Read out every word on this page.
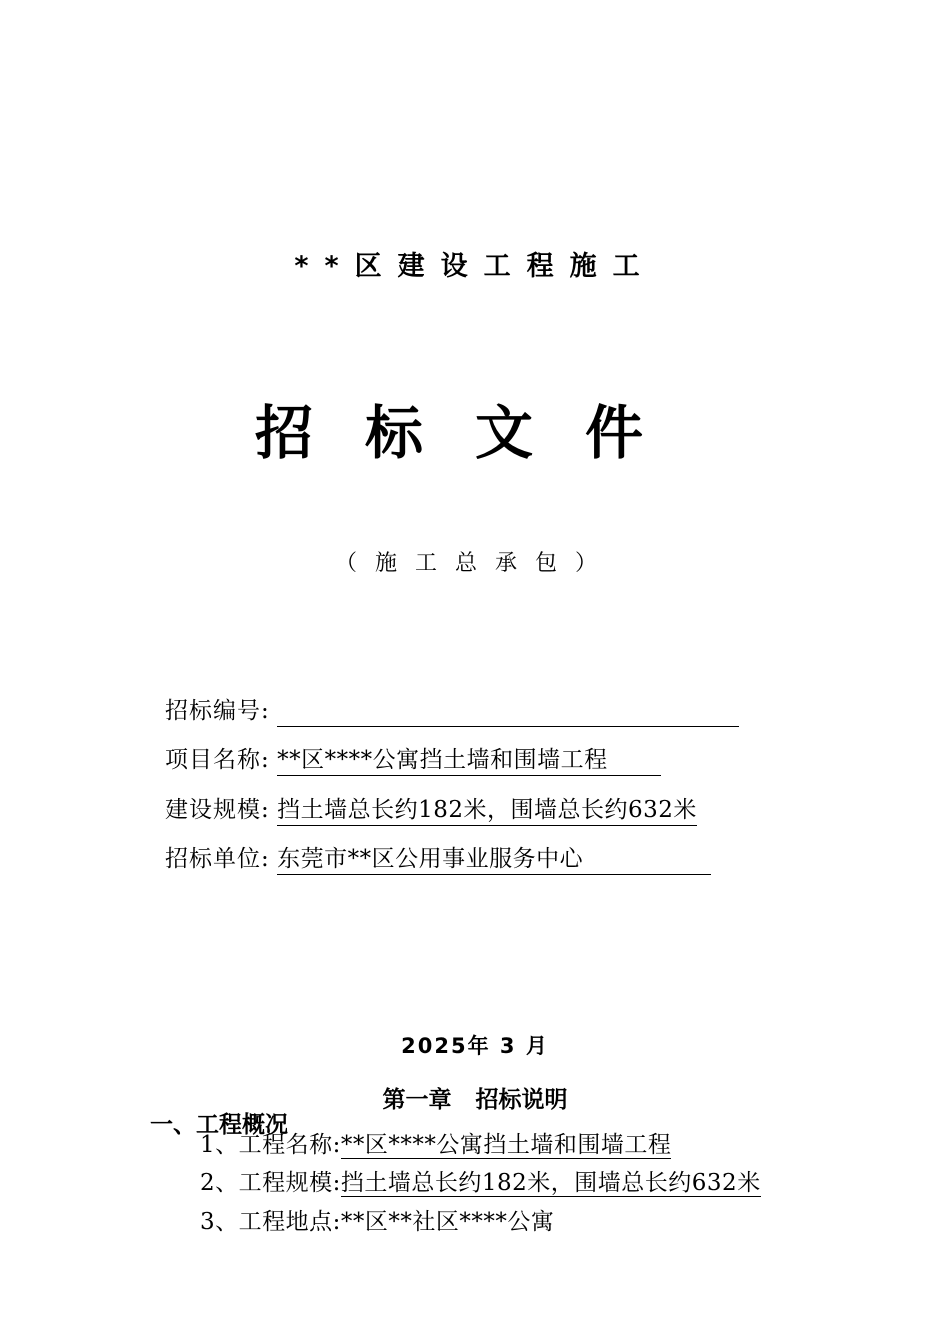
**区建设工程施工
招标文件
（施工总承包）
招标编号:
项目名称: **区****公寓挡土墙和围墙工程
建设规模: 挡土墙总长约182米，围墙总长约632米
招标单位: 东莞市**区公用事业服务中心
2025年 3 月
第一章 招标说明
一、工程概况
1、工程名称:**区****公寓挡土墙和围墙工程
2、工程规模:挡土墙总长约182米，围墙总长约632米
3、工程地点:**区**社区****公寓
